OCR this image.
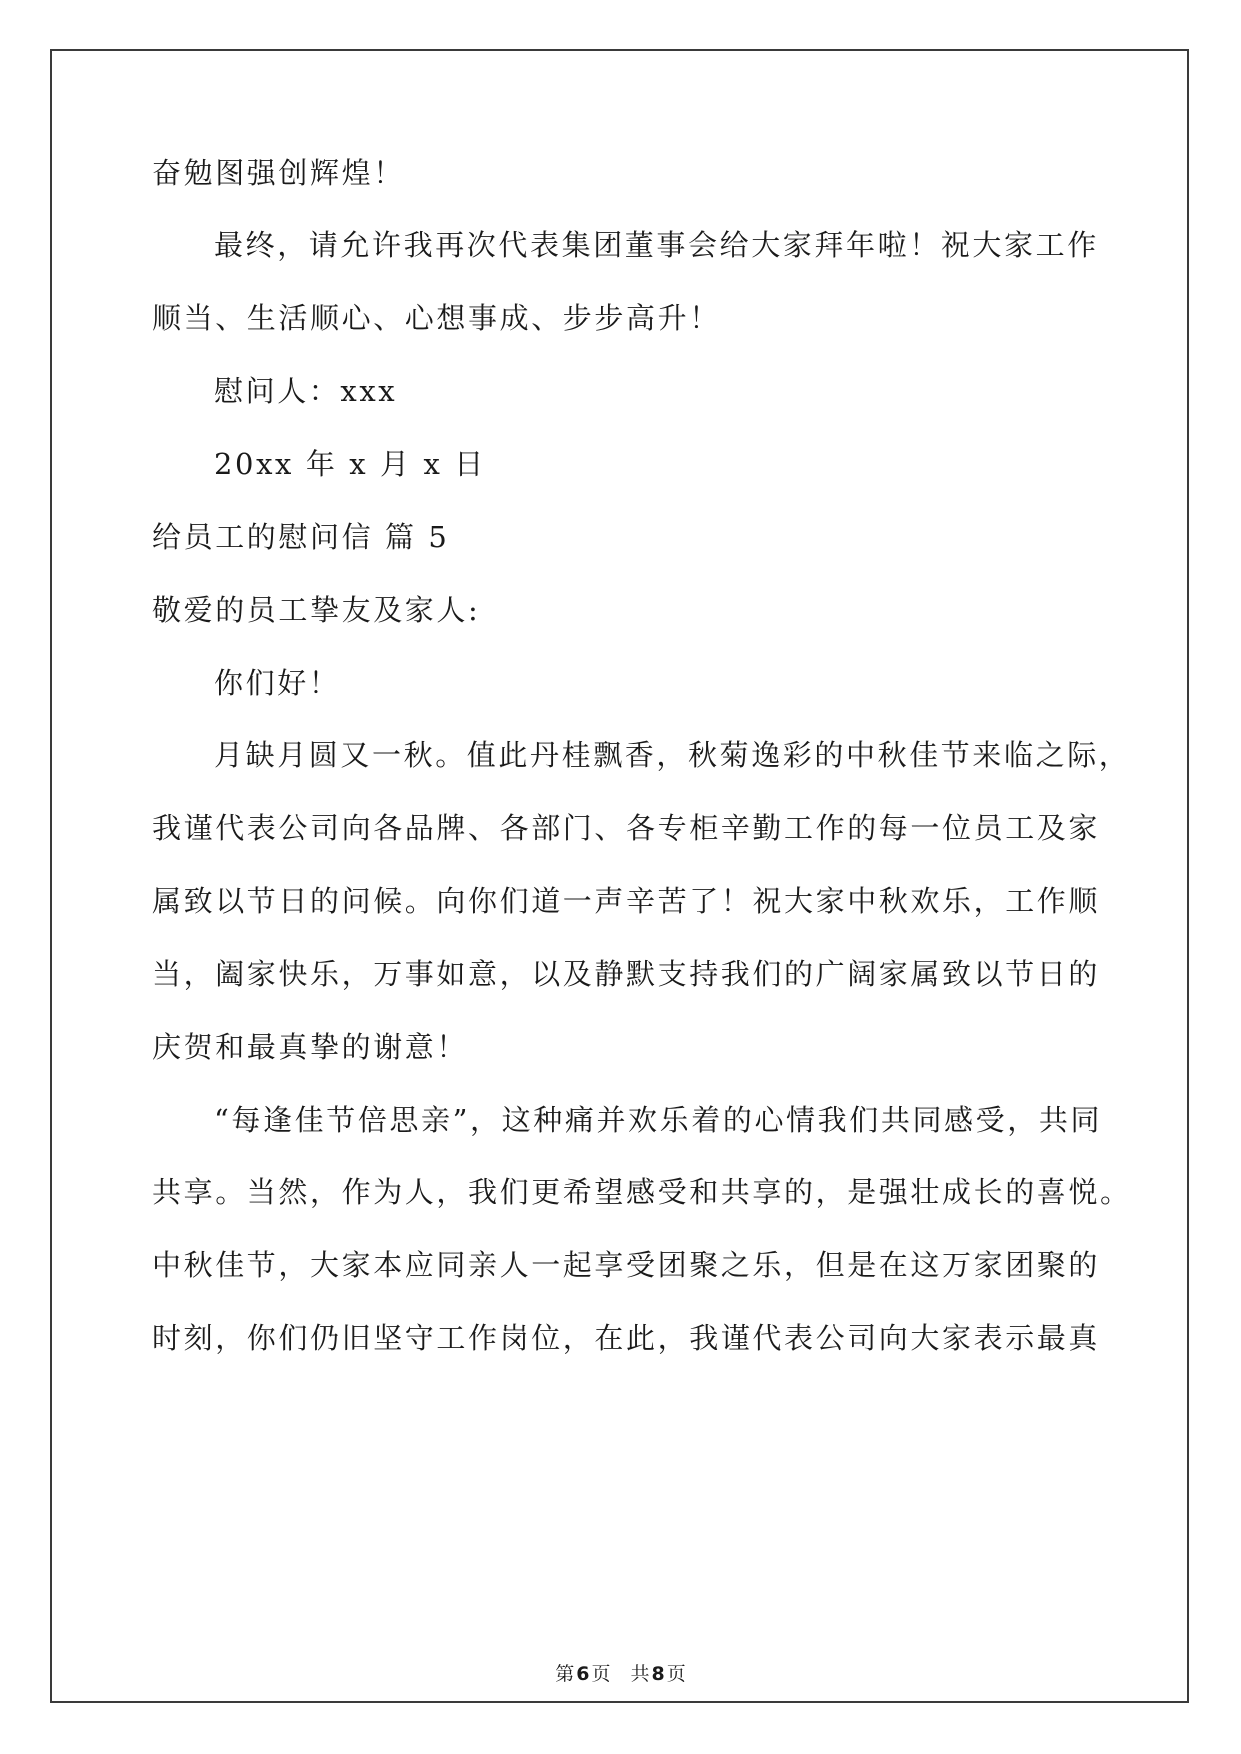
奋勉图强创辉煌！
最终，请允许我再次代表集团董事会给大家拜年啦！祝大家工作
顺当、生活顺心、心想事成、步步高升！
慰问人：xxx
20xx 年 x 月 x 日
给员工的慰问信 篇 5
敬爱的员工挚友及家人:
你们好！
月缺月圆又一秋。值此丹桂飘香，秋菊逸彩的中秋佳节来临之际，
我谨代表公司向各品牌、各部门、各专柜辛勤工作的每一位员工及家
属致以节日的问候。向你们道一声辛苦了！祝大家中秋欢乐，工作顺
当，阖家快乐，万事如意，以及静默支持我们的广阔家属致以节日的
庆贺和最真挚的谢意！
“每逢佳节倍思亲”，这种痛并欢乐着的心情我们共同感受，共同
共享。当然，作为人，我们更希望感受和共享的，是强壮成长的喜悦。
中秋佳节，大家本应同亲人一起享受团聚之乐，但是在这万家团聚的
时刻，你们仍旧坚守工作岗位，在此，我谨代表公司向大家表示最真
第 6 页 共 8 页
